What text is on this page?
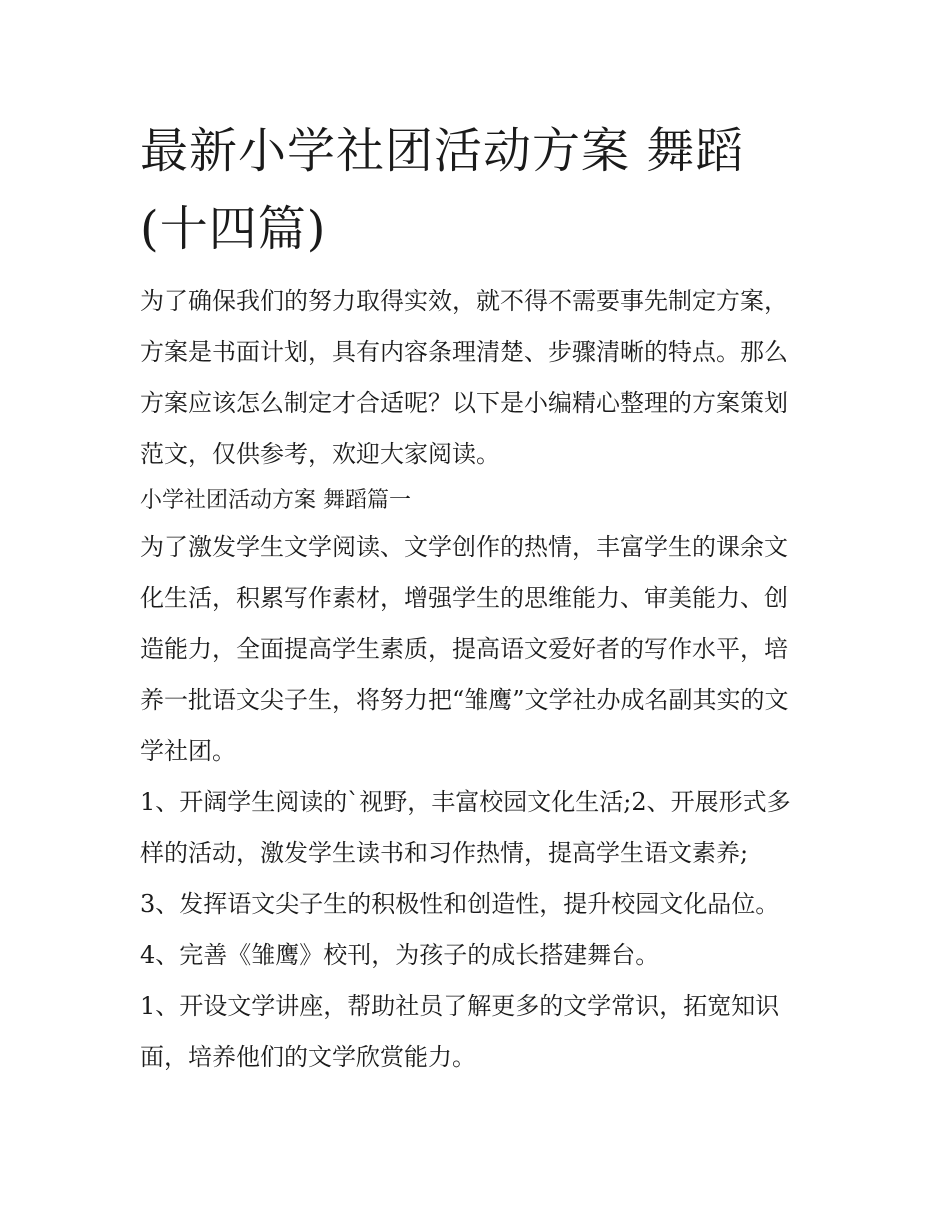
最新小学社团活动方案 舞蹈
(十四篇)

为了确保我们的努力取得实效，就不得不需要事先制定方案，
方案是书面计划，具有内容条理清楚、步骤清晰的特点。那么
方案应该怎么制定才合适呢？以下是小编精心整理的方案策划
范文，仅供参考，欢迎大家阅读。

小学社团活动方案 舞蹈篇一

为了激发学生文学阅读、文学创作的热情，丰富学生的课余文
化生活，积累写作素材，增强学生的思维能力、审美能力、创
造能力，全面提高学生素质，提高语文爱好者的写作水平，培
养一批语文尖子生，将努力把“雏鹰”文学社办成名副其实的文
学社团。

1、开阔学生阅读的`视野，丰富校园文化生活;2、开展形式多
样的活动，激发学生读书和习作热情，提高学生语文素养;

3、发挥语文尖子生的积极性和创造性，提升校园文化品位。

4、完善《雏鹰》校刊，为孩子的成长搭建舞台。

1、开设文学讲座，帮助社员了解更多的文学常识，拓宽知识
面，培养他们的文学欣赏能力。
